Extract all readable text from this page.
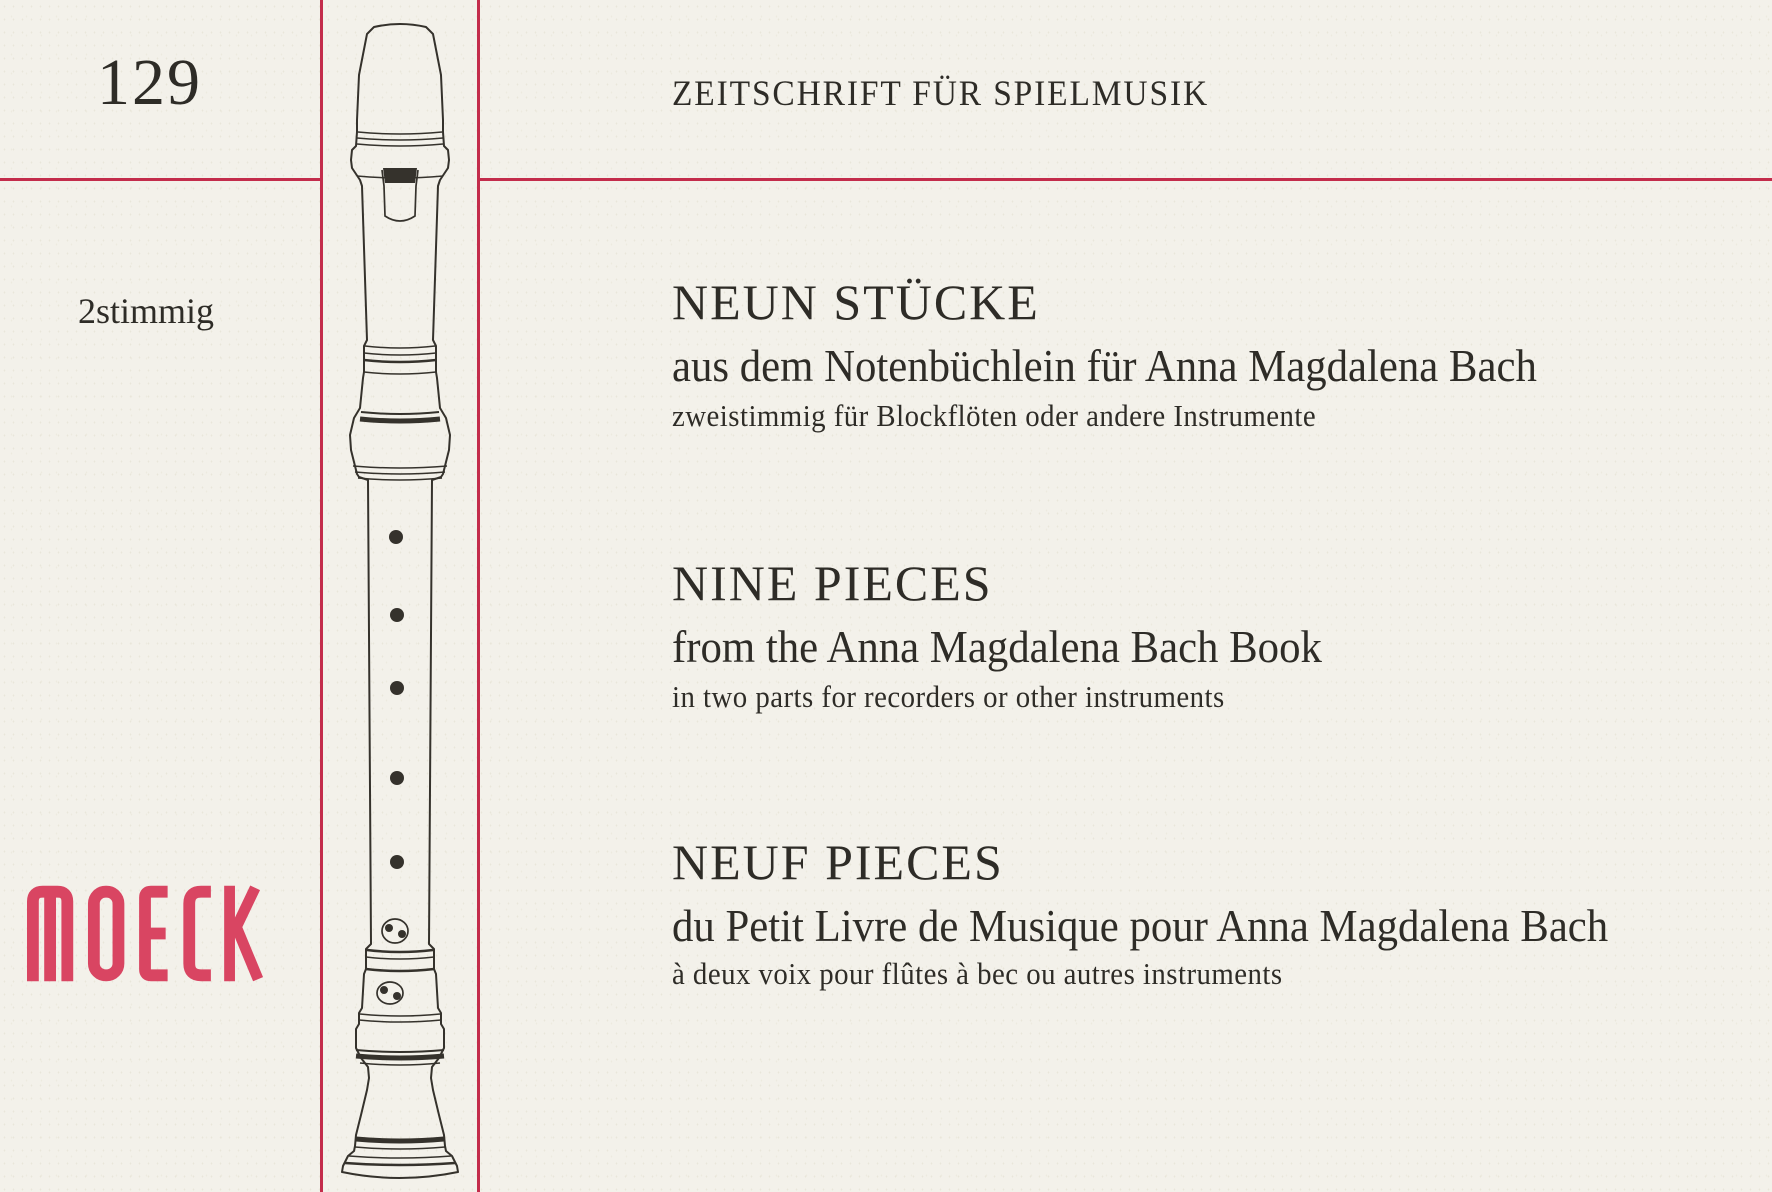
129	ZEITSCHRIFT FÜR SPIELMUSIK
2stimmig	NEUN STÜCKE
aus dem Notenbüchlein für Anna Magdalena Bach
zweistimmig für Blockflöten oder andere Instrumente
NINE PIECES
from the Anna Magdalena Bach Book
in two parts for recorders or other instruments
NEUF PIECES
du Petit Livre de Musique pour Anna Magdalena Bach
à deux voix pour flûtes à bec ou autres instruments
